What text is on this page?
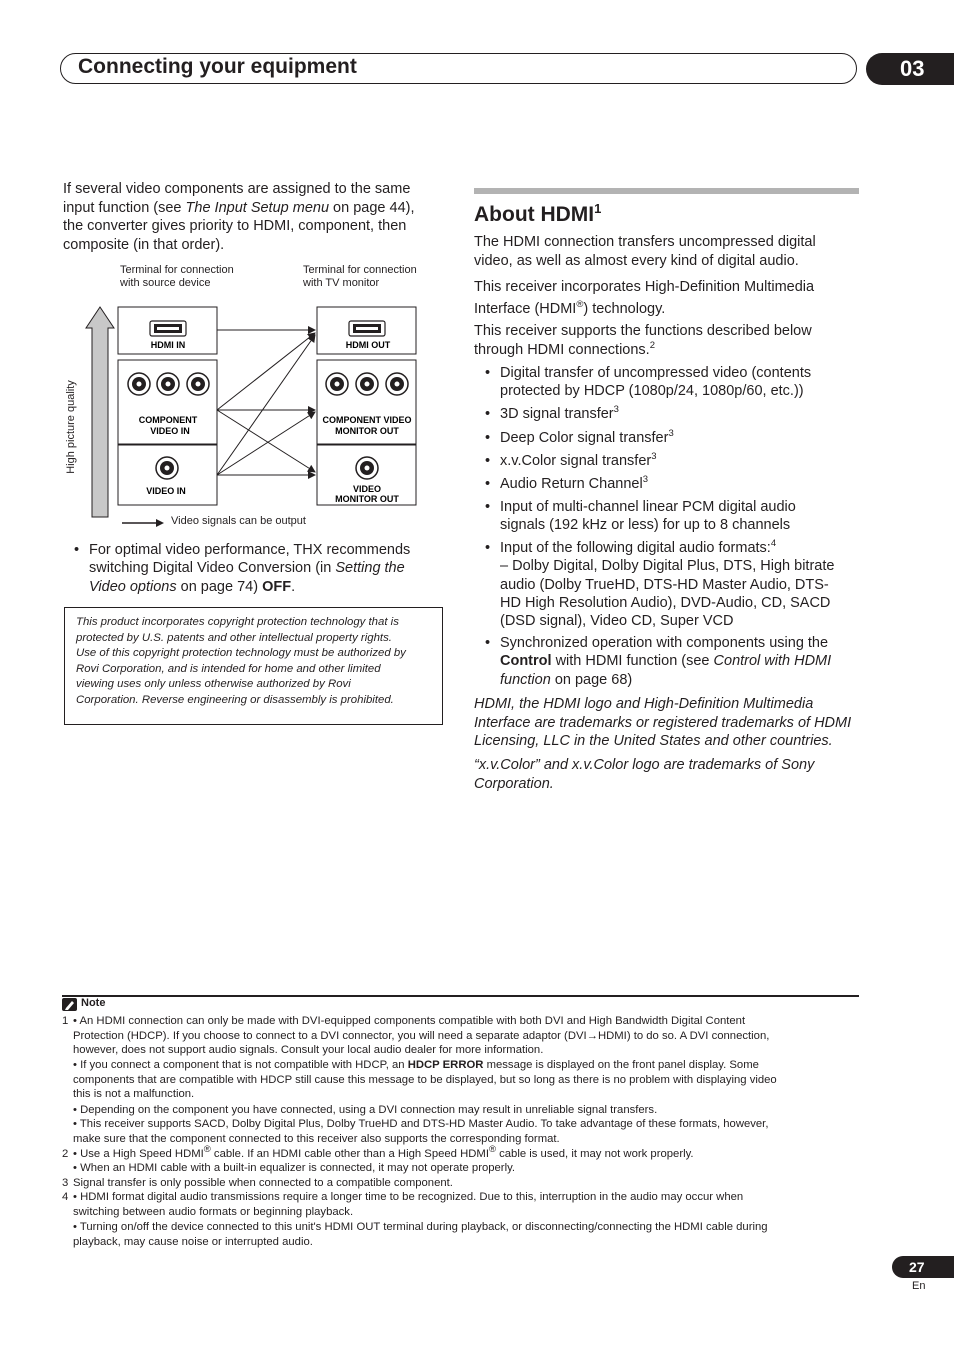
Connecting your equipment	03
If several video components are assigned to the same
input function (see The Input Setup menu on page 44),
the converter gives priority to HDMI, component, then
composite (in that order).
Terminal for connection
with source device
Terminal for connection
with TV monitor
High picture quality
HDMI IN
COMPONENT
VIDEO IN
VIDEO IN
HDMI OUT
COMPONENT VIDEO
MONITOR OUT
VIDEO
MONITOR OUT
Video signals can be output
• For optimal video performance, THX recommends
switching Digital Video Conversion (in Setting the
Video options on page 74) OFF.
This product incorporates copyright protection technology that is
protected by U.S. patents and other intellectual property rights.
Use of this copyright protection technology must be authorized by
Rovi Corporation, and is intended for home and other limited
viewing uses only unless otherwise authorized by Rovi
Corporation. Reverse engineering or disassembly is prohibited.
About HDMI$^1$
The HDMI connection transfers uncompressed digital
video, as well as almost every kind of digital audio.
This receiver incorporates High-Definition Multimedia
Interface (HDMI®) technology.
This receiver supports the functions described below
through HDMI connections.$^2$
• Digital transfer of uncompressed video (contents
protected by HDCP (1080p/24, 1080p/60, etc.))
• 3D signal transfer$^3$
• Deep Color signal transfer$^3$
• x.v.Color signal transfer$^3$
• Audio Return Channel$^3$
• Input of multi-channel linear PCM digital audio
signals (192 kHz or less) for up to 8 channels
• Input of the following digital audio formats:$^4$
– Dolby Digital, Dolby Digital Plus, DTS, High bitrate
audio (Dolby TrueHD, DTS-HD Master Audio, DTS-
HD High Resolution Audio), DVD-Audio, CD, SACD
(DSD signal), Video CD, Super VCD
• Synchronized operation with components using the
Control with HDMI function (see Control with HDMI
function on page 68)
HDMI, the HDMI logo and High-Definition Multimedia
Interface are trademarks or registered trademarks of HDMI
Licensing, LLC in the United States and other countries.
“x.v.Color” and x.v.Color logo are trademarks of Sony
Corporation.
Note
1 • An HDMI connection can only be made with DVI-equipped components compatible with both DVI and High Bandwidth Digital Content
Protection (HDCP). If you choose to connect to a DVI connector, you will need a separate adaptor (DVI→HDMI) to do so. A DVI connection,
however, does not support audio signals. Consult your local audio dealer for more information.
• If you connect a component that is not compatible with HDCP, an HDCP ERROR message is displayed on the front panel display. Some
components that are compatible with HDCP still cause this message to be displayed, but so long as there is no problem with displaying video
this is not a malfunction.
• Depending on the component you have connected, using a DVI connection may result in unreliable signal transfers.
• This receiver supports SACD, Dolby Digital Plus, Dolby TrueHD and DTS-HD Master Audio. To take advantage of these formats, however,
make sure that the component connected to this receiver also supports the corresponding format.
2 • Use a High Speed HDMI® cable. If an HDMI cable other than a High Speed HDMI® cable is used, it may not work properly.
• When an HDMI cable with a built-in equalizer is connected, it may not operate properly.
3 Signal transfer is only possible when connected to a compatible component.
4 • HDMI format digital audio transmissions require a longer time to be recognized. Due to this, interruption in the audio may occur when
switching between audio formats or beginning playback.
• Turning on/off the device connected to this unit's HDMI OUT terminal during playback, or disconnecting/connecting the HDMI cable during
playback, may cause noise or interrupted audio.
27
En
